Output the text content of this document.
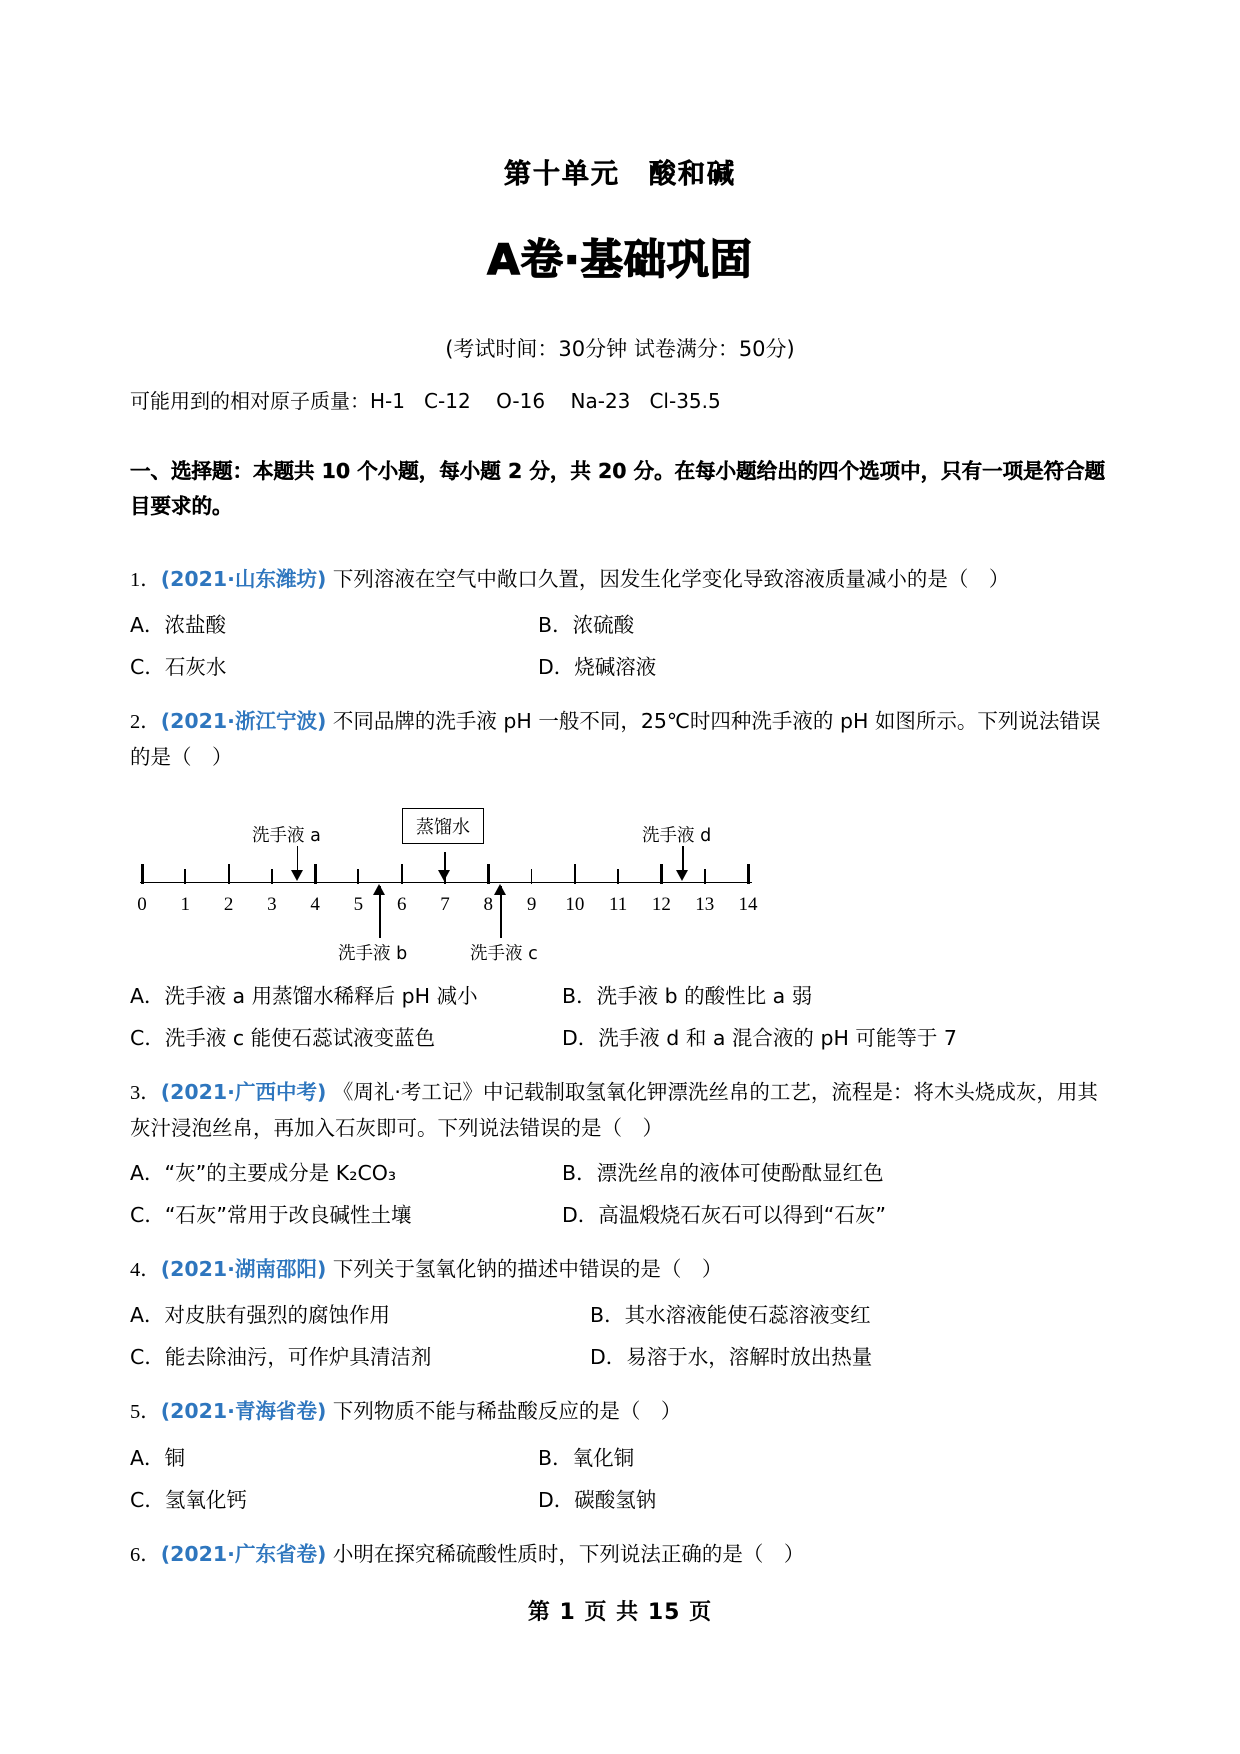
第十单元　酸和碱
A卷·基础巩固

(考试时间：30分钟 试卷满分：50分)

可能用到的相对原子质量：H-1   C-12    O-16    Na-23   Cl-35.5

一、选择题：本题共 10 个小题，每小题 2 分，共 20 分。在每小题给出的四个选项中，只有一项是符合题目要求的。

1．(2021·山东潍坊) 下列溶液在空气中敞口久置，因发生化学变化导致溶液质量减小的是（　）
A．浓盐酸	B．浓硫酸
C．石灰水	D．烧碱溶液
2．(2021·浙江宁波) 不同品牌的洗手液 pH 一般不同，25℃时四种洗手液的 pH 如图所示。下列说法错误的是（　）
洗手液 a	蒸馏水	洗手液 d
洗手液 b	洗手液 c
0	1	2	3	4	5	6	7	8	9	10 11 12 13 14
A．洗手液 a 用蒸馏水稀释后 pH 减小	B．洗手液 b 的酸性比 a 弱
C．洗手液 c 能使石蕊试液变蓝色	D．洗手液 d 和 a 混合液的 pH 可能等于 7
3．(2021·广西中考) 《周礼·考工记》中记载制取氢氧化钾漂洗丝帛的工艺，流程是：将木头烧成灰，用其灰汁浸泡丝帛，再加入石灰即可。下列说法错误的是（　）
A．“灰”的主要成分是 K₂CO₃	B．漂洗丝帛的液体可使酚酞显红色
C．“石灰”常用于改良碱性土壤	D．高温煅烧石灰石可以得到“石灰”
4．(2021·湖南邵阳) 下列关于氢氧化钠的描述中错误的是（　）
A．对皮肤有强烈的腐蚀作用	B．其水溶液能使石蕊溶液变红
C．能去除油污，可作炉具清洁剂	D．易溶于水，溶解时放出热量
5．(2021·青海省卷) 下列物质不能与稀盐酸反应的是（　）
A．铜	B．氧化铜
C．氢氧化钙	D．碳酸氢钠
6．(2021·广东省卷) 小明在探究稀硫酸性质时，下列说法正确的是（　）
第 1 页 共 15 页
